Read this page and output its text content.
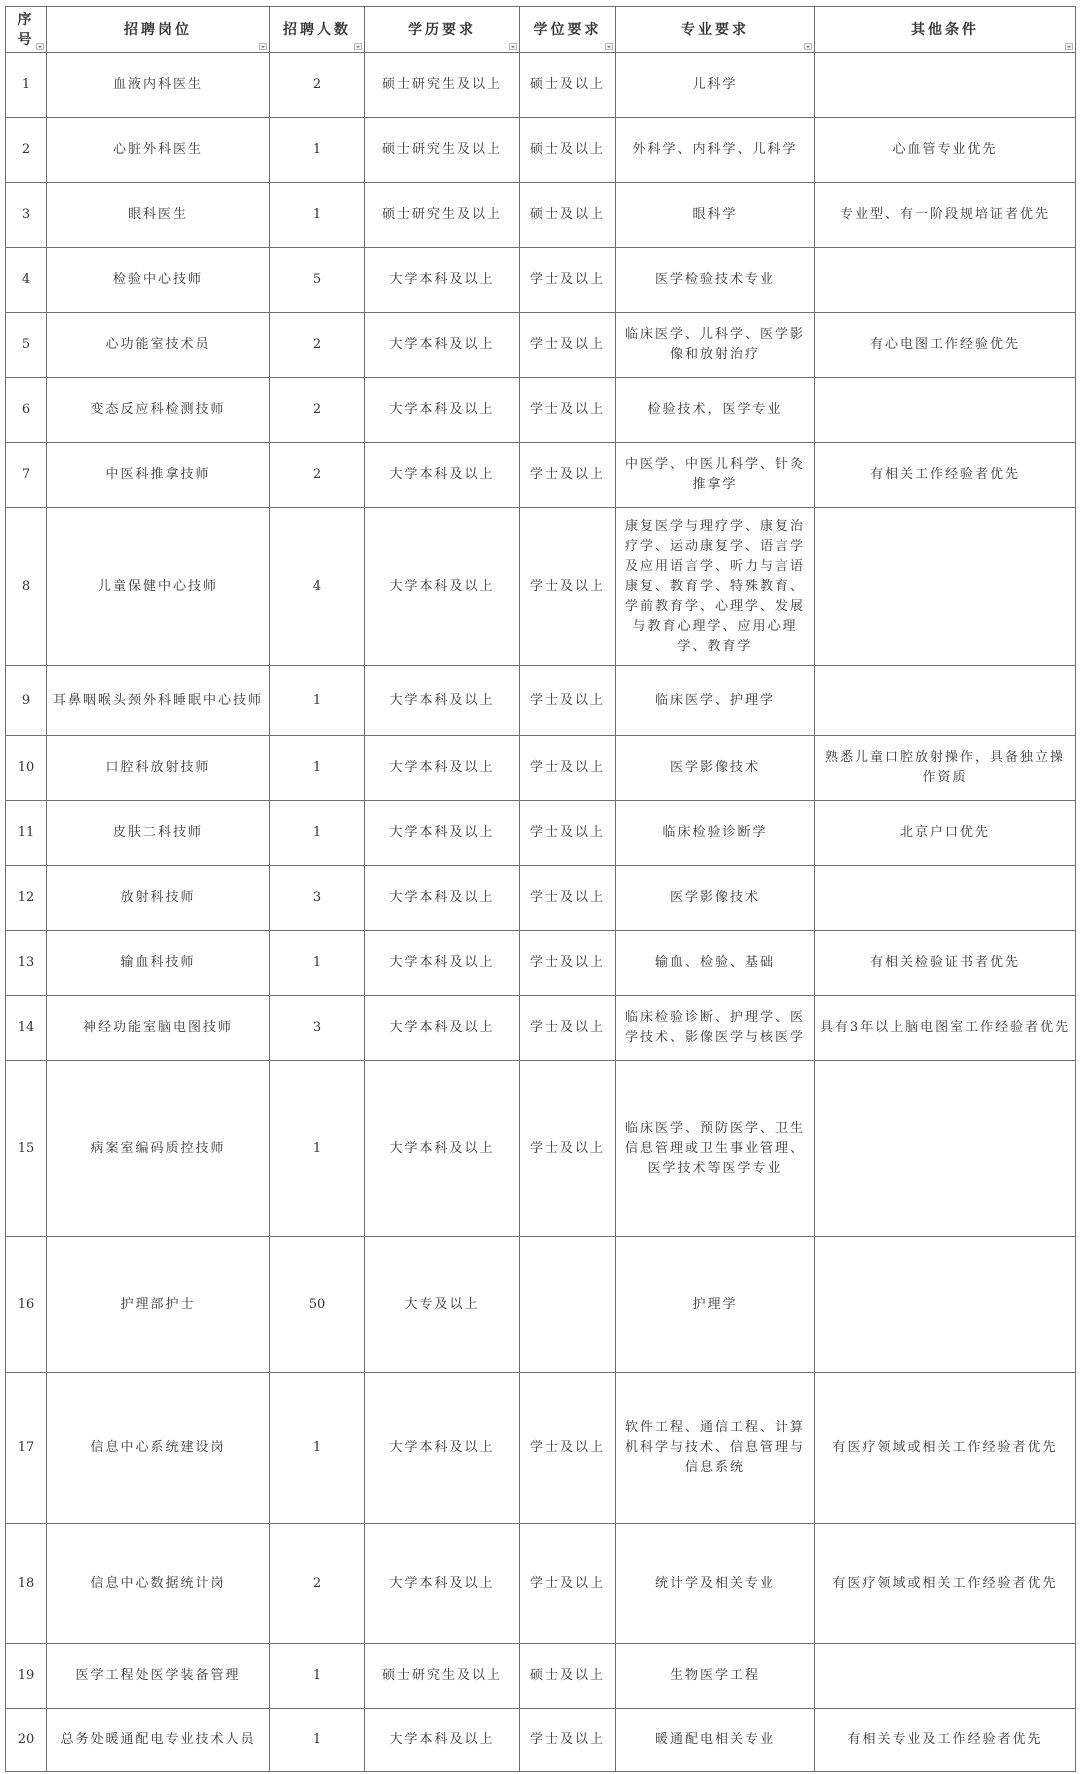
序号	招聘岗位	招聘人数	学历要求	学位要求	专业要求	其他条件

1	血液内科医生	2	硕士研究生及以上	硕士及以上	儿科学	
2	心脏外科医生	1	硕士研究生及以上	硕士及以上	外科学、内科学、儿科学	心血管专业优先
3	眼科医生	1	硕士研究生及以上	硕士及以上	眼科学	专业型、有一阶段规培证者优先
4	检验中心技师	5	大学本科及以上	学士及以上	医学检验技术专业	
5	心功能室技术员	2	大学本科及以上	学士及以上	临床医学、儿科学、医学影像和放射治疗	有心电图工作经验优先
6	变态反应科检测技师	2	大学本科及以上	学士及以上	检验技术，医学专业	
7	中医科推拿技师	2	大学本科及以上	学士及以上	中医学、中医儿科学、针灸推拿学	有相关工作经验者优先
8	儿童保健中心技师	4	大学本科及以上	学士及以上	康复医学与理疗学、康复治疗学、运动康复学、语言学及应用语言学、听力与言语康复、教育学、特殊教育、学前教育学、心理学、发展与教育心理学、应用心理学、教育学	
9	耳鼻咽喉头颈外科睡眠中心技师	1	大学本科及以上	学士及以上	临床医学、护理学	
10	口腔科放射技师	1	大学本科及以上	学士及以上	医学影像技术	熟悉儿童口腔放射操作，具备独立操作资质
11	皮肤二科技师	1	大学本科及以上	学士及以上	临床检验诊断学	北京户口优先
12	放射科技师	3	大学本科及以上	学士及以上	医学影像技术	
13	输血科技师	1	大学本科及以上	学士及以上	输血、检验、基础	有相关检验证书者优先
14	神经功能室脑电图技师	3	大学本科及以上	学士及以上	临床检验诊断、护理学、医学技术、影像医学与核医学	具有3年以上脑电图室工作经验者优先
15	病案室编码质控技师	1	大学本科及以上	学士及以上	临床医学、预防医学、卫生信息管理或卫生事业管理、医学技术等医学专业	
16	护理部护士	50	大专及以上		护理学	
17	信息中心系统建设岗	1	大学本科及以上	学士及以上	软件工程、通信工程、计算机科学与技术、信息管理与信息系统	有医疗领域或相关工作经验者优先
18	信息中心数据统计岗	2	大学本科及以上	学士及以上	统计学及相关专业	有医疗领域或相关工作经验者优先
19	医学工程处医学装备管理	1	硕士研究生及以上	硕士及以上	生物医学工程	
20	总务处暖通配电专业技术人员	1	大学本科及以上	学士及以上	暖通配电相关专业	有相关专业及工作经验者优先
